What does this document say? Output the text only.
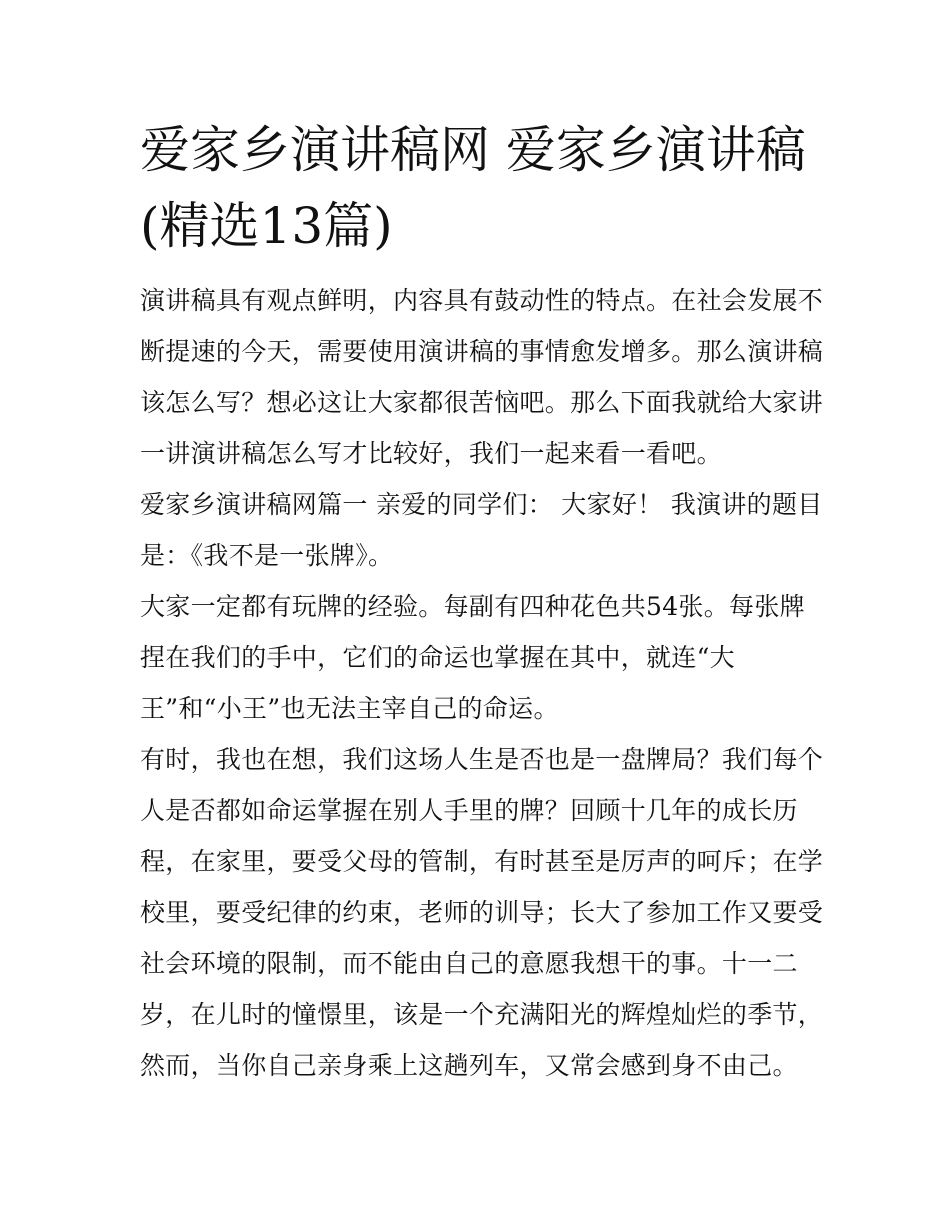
爱家乡演讲稿网 爱家乡演讲稿
(精选13篇)

演讲稿具有观点鲜明，内容具有鼓动性的特点。在社会发展不
断提速的今天，需要使用演讲稿的事情愈发增多。那么演讲稿
该怎么写？想必这让大家都很苦恼吧。那么下面我就给大家讲
一讲演讲稿怎么写才比较好，我们一起来看一看吧。

爱家乡演讲稿网篇一 亲爱的同学们： 大家好！ 我演讲的题目
是：《我不是一张牌》。

大家一定都有玩牌的经验。每副有四种花色共54张。每张牌
捏在我们的手中，它们的命运也掌握在其中，就连“大
王”和“小王”也无法主宰自己的命运。

有时，我也在想，我们这场人生是否也是一盘牌局？我们每个
人是否都如命运掌握在别人手里的牌？回顾十几年的成长历
程，在家里，要受父母的管制，有时甚至是厉声的呵斥；在学
校里，要受纪律的约束，老师的训导；长大了参加工作又要受
社会环境的限制，而不能由自己的意愿我想干的事。十一二
岁，在儿时的憧憬里，该是一个充满阳光的辉煌灿烂的季节，
然而，当你自己亲身乘上这趟列车，又常会感到身不由己。
